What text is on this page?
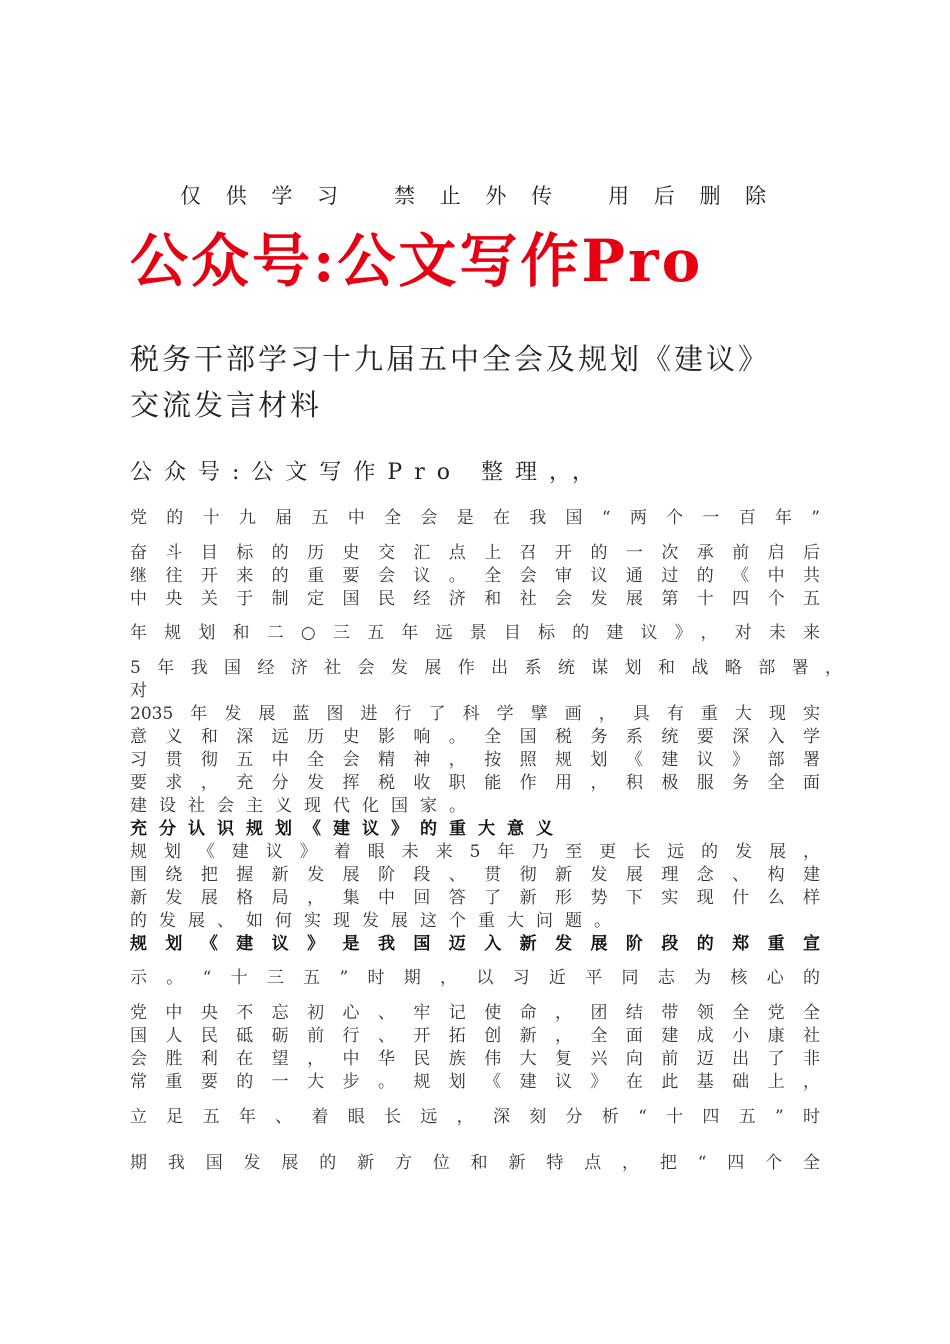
仅 供 学 习   禁 止 外 传   用 后 删 除
公众号:公文写作Pro
税务干部学习十九届五中全会及规划《建议》
交流发言材料
公众号:公文写作Pro 整理，，
党的十九届五中全会是在我国“两个一百年”
奋斗目标的历史交汇点上召开的一次承前启后
继往开来的重要会议。全会审议通过的《中共
中央关于制定国民经济和社会发展第十四个五
年规划和二○三五年远景目标的建议》，对未来
5年我国经济社会发展作出系统谋划和战略部署，
对
2035年发展蓝图进行了科学擘画，具有重大现实
意义和深远历史影响。全国税务系统要深入学
习贯彻五中全会精神，按照规划《建议》部署
要求，充分发挥税收职能作用，积极服务全面
建设社会主义现代化国家。
充分认识规划《建议》的重大意义
规划《建议》着眼未来5年乃至更长远的发展，
围绕把握新发展阶段、贯彻新发展理念、构建
新发展格局，集中回答了新形势下实现什么样
的发展、如何实现发展这个重大问题。
规划《建议》是我国迈入新发展阶段的郑重宣
示。“十三五”时期，以习近平同志为核心的
党中央不忘初心、牢记使命，团结带领全党全
国人民砥砺前行、开拓创新，全面建成小康社
会胜利在望，中华民族伟大复兴向前迈出了非
常重要的一大步。规划《建议》在此基础上，
立足五年、着眼长远，深刻分析“十四五”时
期我国发展的新方位和新特点，把“四个全
